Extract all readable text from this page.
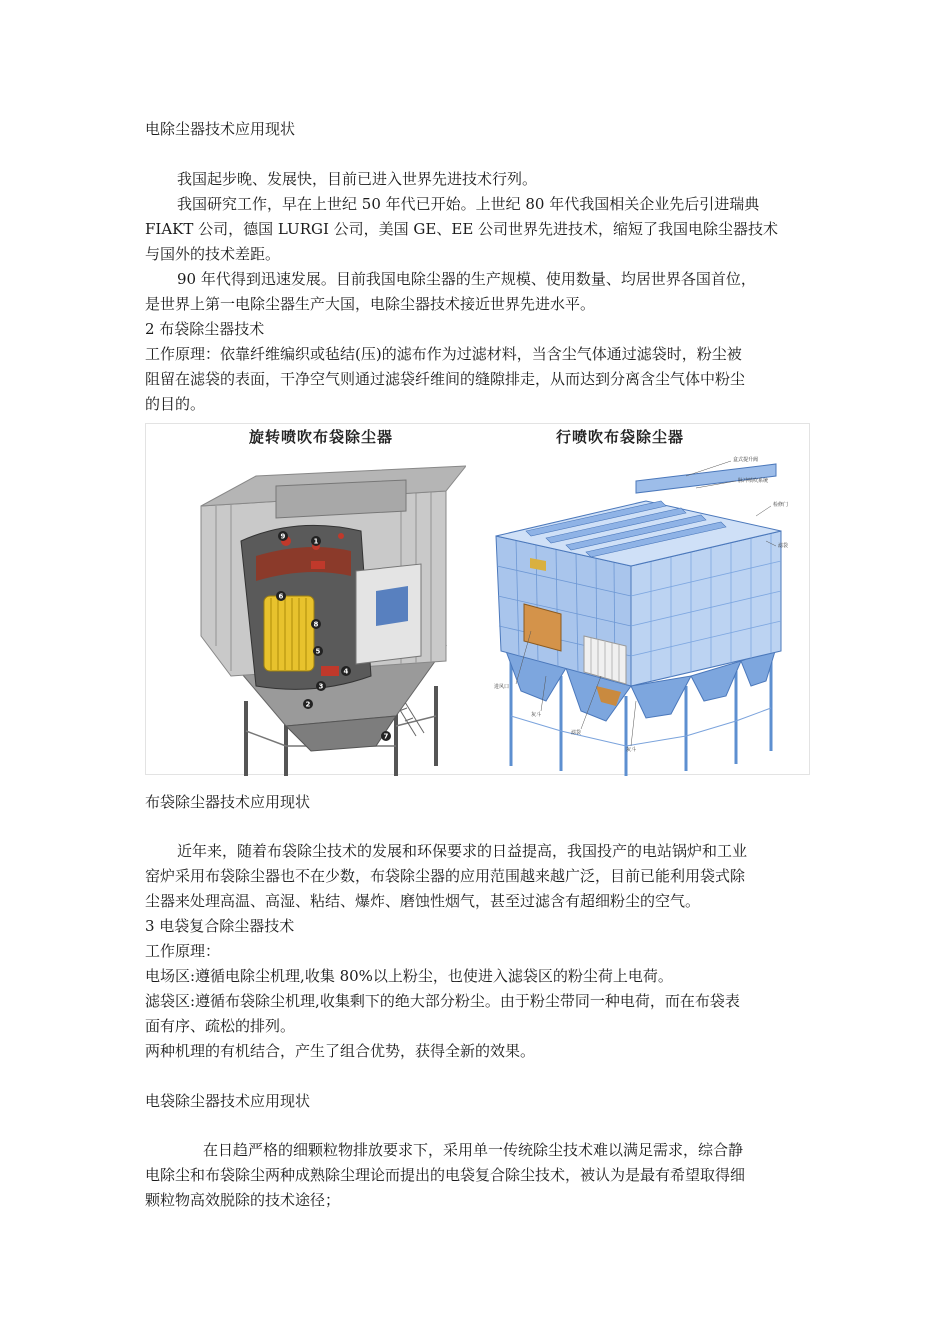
电除尘器技术应用现状

我国起步晚、发展快，目前已进入世界先进技术行列。

我国研究工作，早在上世纪 50 年代已开始。上世纪 80 年代我国相关企业先后引进瑞典

FIAKT 公司，德国 LURGI 公司，美国 GE、EE 公司世界先进技术，缩短了我国电除尘器技术

与国外的技术差距。

90 年代得到迅速发展。目前我国电除尘器的生产规模、使用数量、均居世界各国首位，

是世界上第一电除尘器生产大国，电除尘器技术接近世界先进水平。

2 布袋除尘器技术

工作原理：依靠纤维编织或毡结(压)的滤布作为过滤材料，当含尘气体通过滤袋时，粉尘被

阻留在滤袋的表面，干净空气则通过滤袋纤维间的缝隙排走，从而达到分离含尘气体中粉尘

的目的。

旋转喷吹布袋除尘器	行喷吹布袋除尘器
9
1
6
8
5
4
3
2
7
盒式提升阀
脉冲喷吹系统
检修门
滤袋
进风口
灰斗
滤袋
灰斗

布袋除尘器技术应用现状

近年来，随着布袋除尘技术的发展和环保要求的日益提高，我国投产的电站锅炉和工业

窑炉采用布袋除尘器也不在少数，布袋除尘器的应用范围越来越广泛，目前已能利用袋式除

尘器来处理高温、高湿、粘结、爆炸、磨蚀性烟气，甚至过滤含有超细粉尘的空气。

3 电袋复合除尘器技术

工作原理：

电场区:遵循电除尘机理,收集 80%以上粉尘，也使进入滤袋区的粉尘荷上电荷。

滤袋区:遵循布袋除尘机理,收集剩下的绝大部分粉尘。由于粉尘带同一种电荷，而在布袋表

面有序、疏松的排列。

两种机理的有机结合，产生了组合优势，获得全新的效果。

电袋除尘器技术应用现状

在日趋严格的细颗粒物排放要求下，采用单一传统除尘技术难以满足需求，综合静

电除尘和布袋除尘两种成熟除尘理论而提出的电袋复合除尘技术，被认为是最有希望取得细

颗粒物高效脱除的技术途径；
